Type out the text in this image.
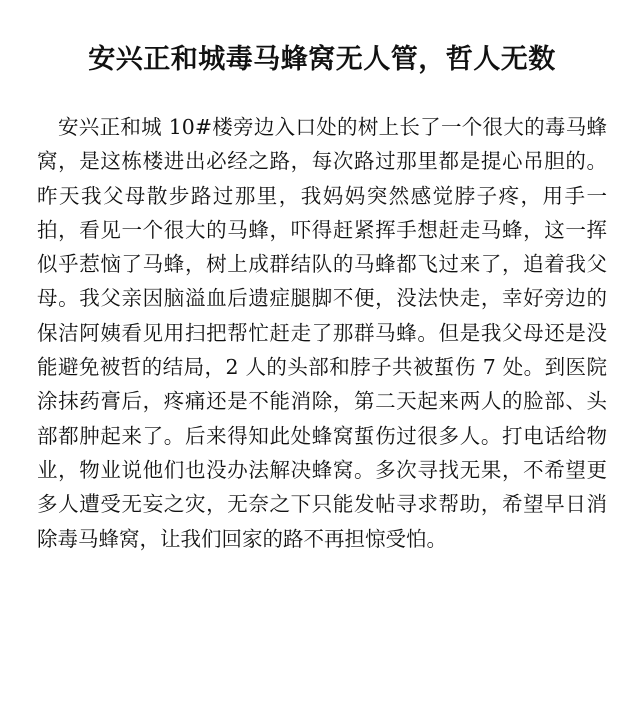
安兴正和城毒马蜂窝无人管，哲人无数

安兴正和城 10#楼旁边入口处的树上长了一个很大的毒马蜂窝，是这栋楼进出必经之路，每次路过那里都是提心吊胆的。昨天我父母散步路过那里，我妈妈突然感觉脖子疼，用手一拍，看见一个很大的马蜂，吓得赶紧挥手想赶走马蜂，这一挥似乎惹恼了马蜂，树上成群结队的马蜂都飞过来了，追着我父母。我父亲因脑溢血后遗症腿脚不便，没法快走，幸好旁边的保洁阿姨看见用扫把帮忙赶走了那群马蜂。但是我父母还是没能避免被哲的结局，2 人的头部和脖子共被蜇伤 7 处。到医院涂抹药膏后，疼痛还是不能消除，第二天起来两人的脸部、头部都肿起来了。后来得知此处蜂窝蜇伤过很多人。打电话给物业，物业说他们也没办法解决蜂窝。多次寻找无果，不希望更多人遭受无妄之灾，无奈之下只能发帖寻求帮助，希望早日消除毒马蜂窝，让我们回家的路不再担惊受怕。
